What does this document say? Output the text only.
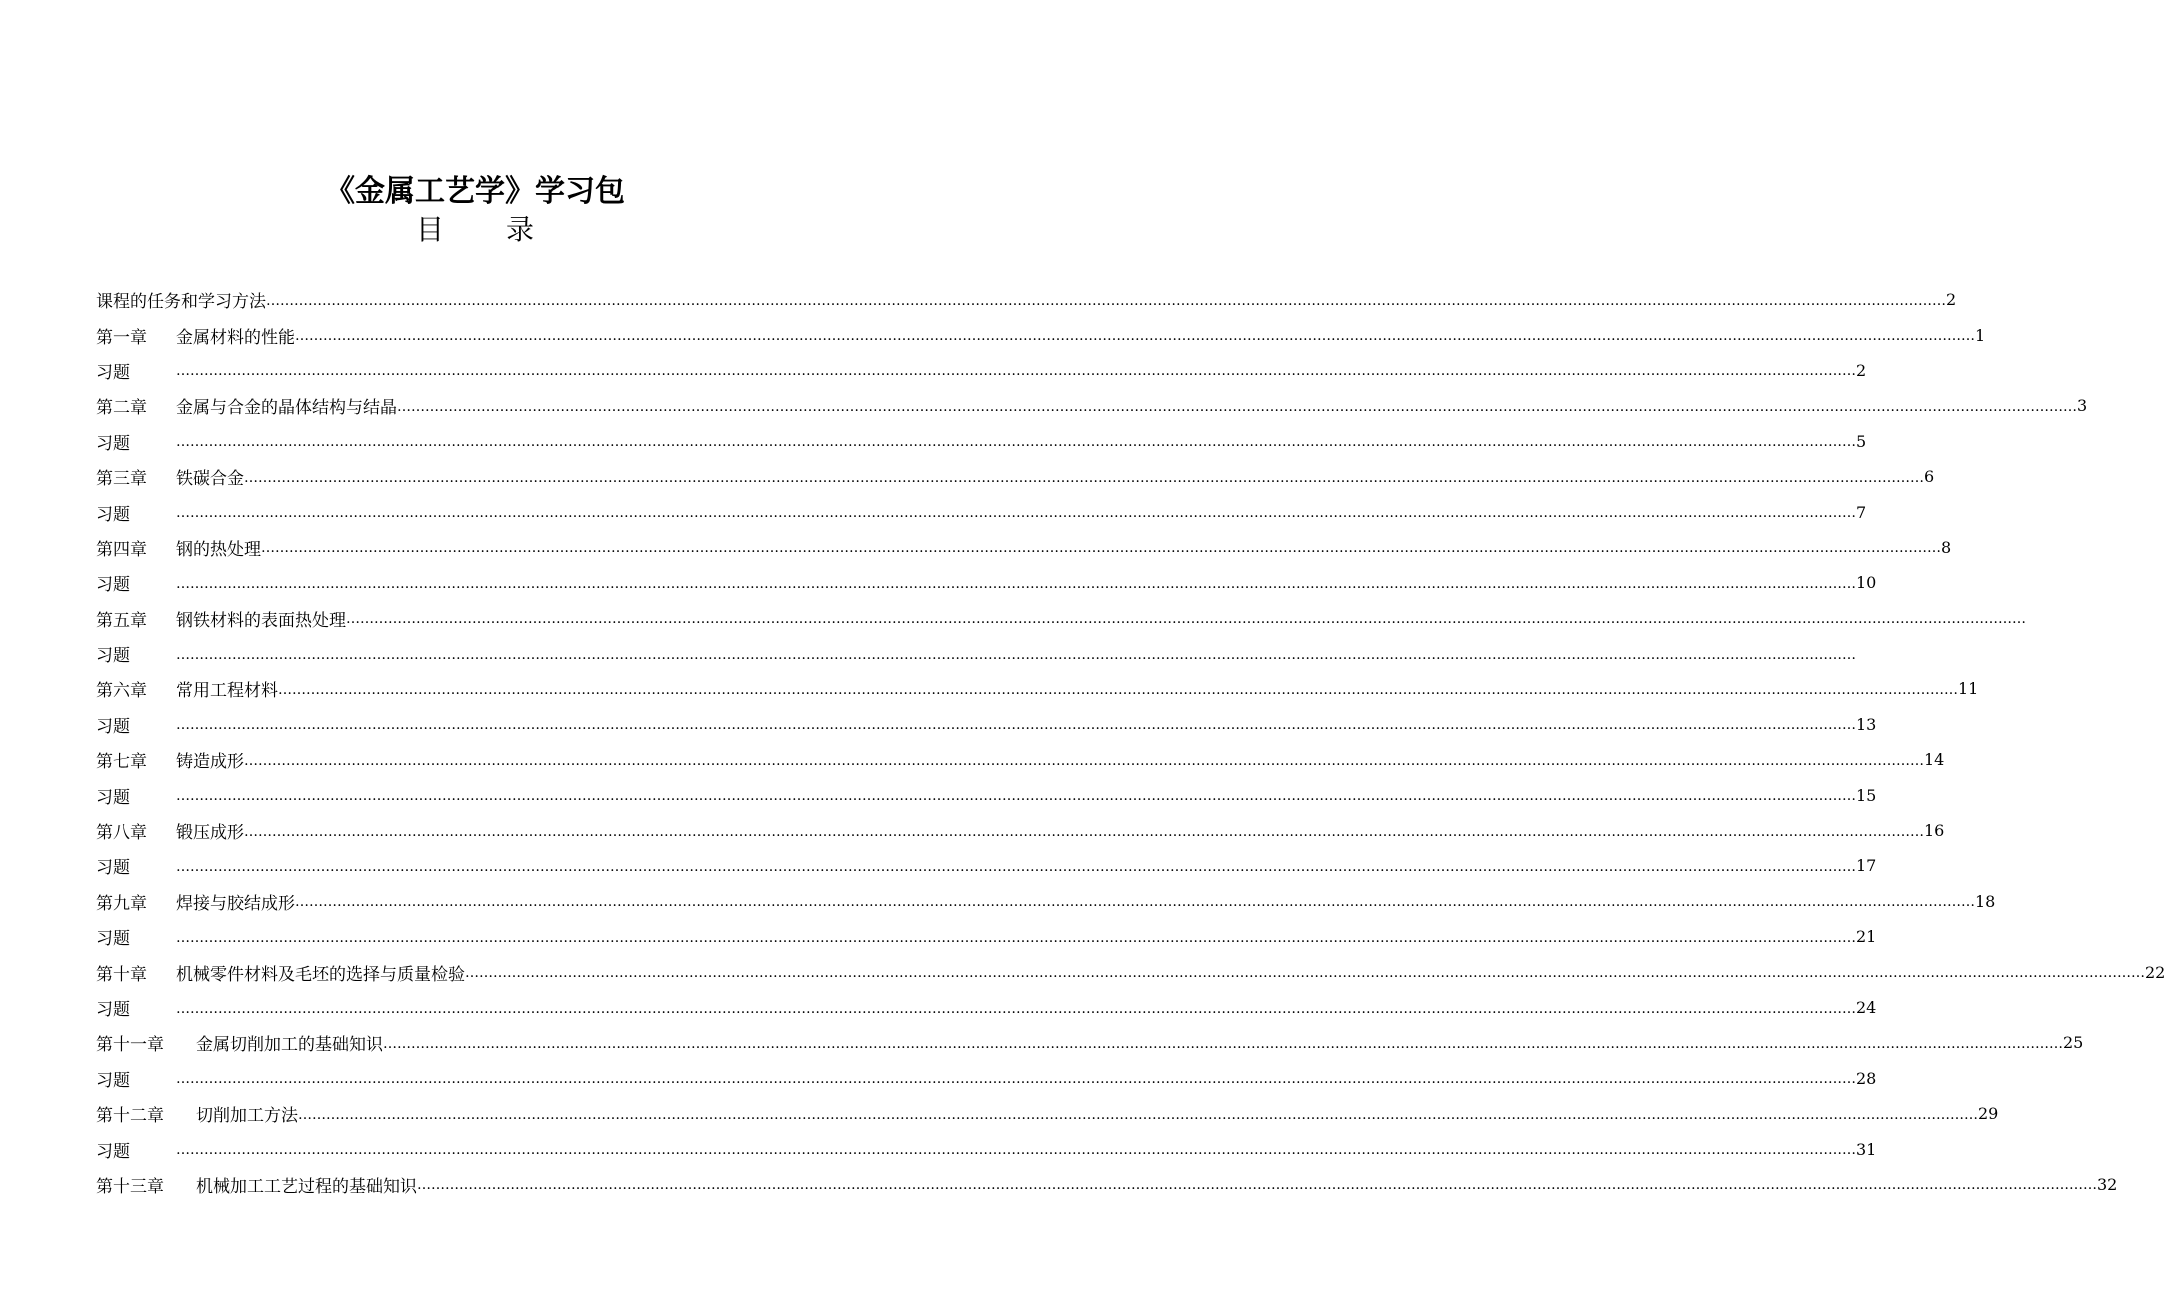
《金属工艺学》学习包
目 录
课程的任务和学习方法 ……………………………………………………………………………………………………………………………………………………………………………………………………………………………………………………………………………………………………………………………… 2
第一章	金属材料的性能 ……………………………………………………………………………………………………………………………………………………………………………………………………………………………………………………………………………………………………………………………… 1
习题	……………………………………………………………………………………………………………………………………………………………………………………………………………………………………………………………………………………………………………………………… 2
第二章	金属与合金的晶体结构与结晶 ……………………………………………………………………………………………………………………………………………………………………………………………………………………………………………………………………………………………………………………………… 3
习题	……………………………………………………………………………………………………………………………………………………………………………………………………………………………………………………………………………………………………………………………… 5
第三章	铁碳合金 ……………………………………………………………………………………………………………………………………………………………………………………………………………………………………………………………………………………………………………………………… 6
习题	……………………………………………………………………………………………………………………………………………………………………………………………………………………………………………………………………………………………………………………………… 7
第四章	钢的热处理 ……………………………………………………………………………………………………………………………………………………………………………………………………………………………………………………………………………………………………………………………… 8
习题	……………………………………………………………………………………………………………………………………………………………………………………………………………………………………………………………………………………………………………………………… 10
第五章	钢铁材料的表面热处理 ………………………………………………………………………………………………………………………………………………………………………………………………………………………………………………………………………………………………………………………………
习题	………………………………………………………………………………………………………………………………………………………………………………………………………………………………………………………………………………………………………………………………
第六章	常用工程材料 ……………………………………………………………………………………………………………………………………………………………………………………………………………………………………………………………………………………………………………………………… 11
习题	……………………………………………………………………………………………………………………………………………………………………………………………………………………………………………………………………………………………………………………………… 13
第七章	铸造成形 ……………………………………………………………………………………………………………………………………………………………………………………………………………………………………………………………………………………………………………………………… 14
习题	……………………………………………………………………………………………………………………………………………………………………………………………………………………………………………………………………………………………………………………………… 15
第八章	锻压成形 ……………………………………………………………………………………………………………………………………………………………………………………………………………………………………………………………………………………………………………………………… 16
习题	……………………………………………………………………………………………………………………………………………………………………………………………………………………………………………………………………………………………………………………………… 17
第九章	焊接与胶结成形 ……………………………………………………………………………………………………………………………………………………………………………………………………………………………………………………………………………………………………………………………… 18
习题	……………………………………………………………………………………………………………………………………………………………………………………………………………………………………………………………………………………………………………………………… 21
第十章	机械零件材料及毛坯的选择与质量检验 ……………………………………………………………………………………………………………………………………………………………………………………………………………………………………………………………………………………………………………………………… 22
习题	……………………………………………………………………………………………………………………………………………………………………………………………………………………………………………………………………………………………………………………………… 24
第十一章	金属切削加工的基础知识 ……………………………………………………………………………………………………………………………………………………………………………………………………………………………………………………………………………………………………………………………… 25
习题	……………………………………………………………………………………………………………………………………………………………………………………………………………………………………………………………………………………………………………………………… 28
第十二章	切削加工方法 ……………………………………………………………………………………………………………………………………………………………………………………………………………………………………………………………………………………………………………………………… 29
习题	……………………………………………………………………………………………………………………………………………………………………………………………………………………………………………………………………………………………………………………………… 31
第十三章	机械加工工艺过程的基础知识 ……………………………………………………………………………………………………………………………………………………………………………………………………………………………………………………………………………………………………………………………… 32
